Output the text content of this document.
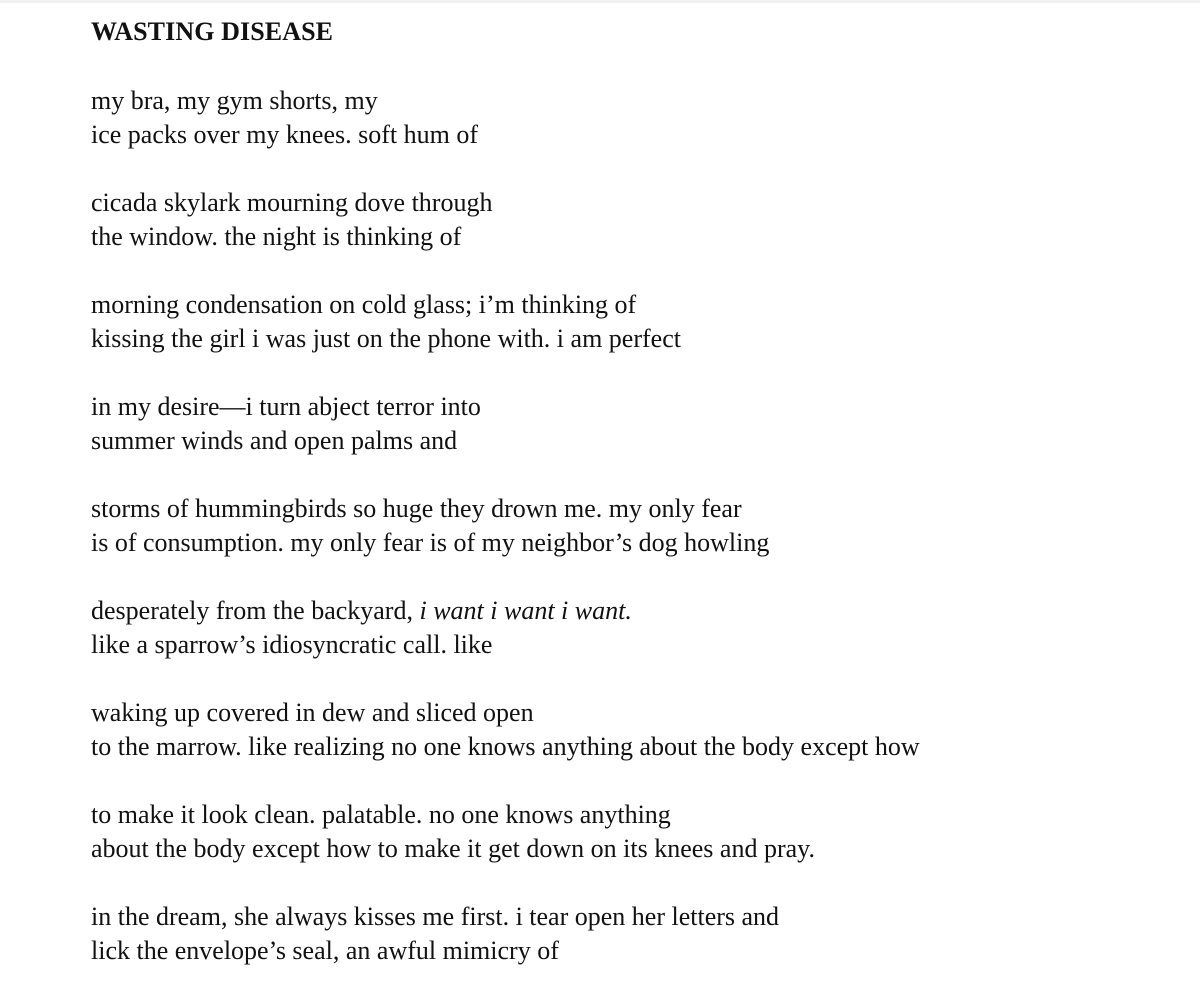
WASTING DISEASE
my bra, my gym shorts, my
ice packs over my knees. soft hum of
cicada skylark mourning dove through
the window. the night is thinking of
morning condensation on cold glass; i’m thinking of
kissing the girl i was just on the phone with. i am perfect
in my desire—i turn abject terror into
summer winds and open palms and
storms of hummingbirds so huge they drown me. my only fear
is of consumption. my only fear is of my neighbor’s dog howling
desperately from the backyard, i want i want i want.
like a sparrow’s idiosyncratic call. like
waking up covered in dew and sliced open
to the marrow. like realizing no one knows anything about the body except how
to make it look clean. palatable. no one knows anything
about the body except how to make it get down on its knees and pray.
in the dream, she always kisses me first. i tear open her letters and
lick the envelope’s seal, an awful mimicry of
